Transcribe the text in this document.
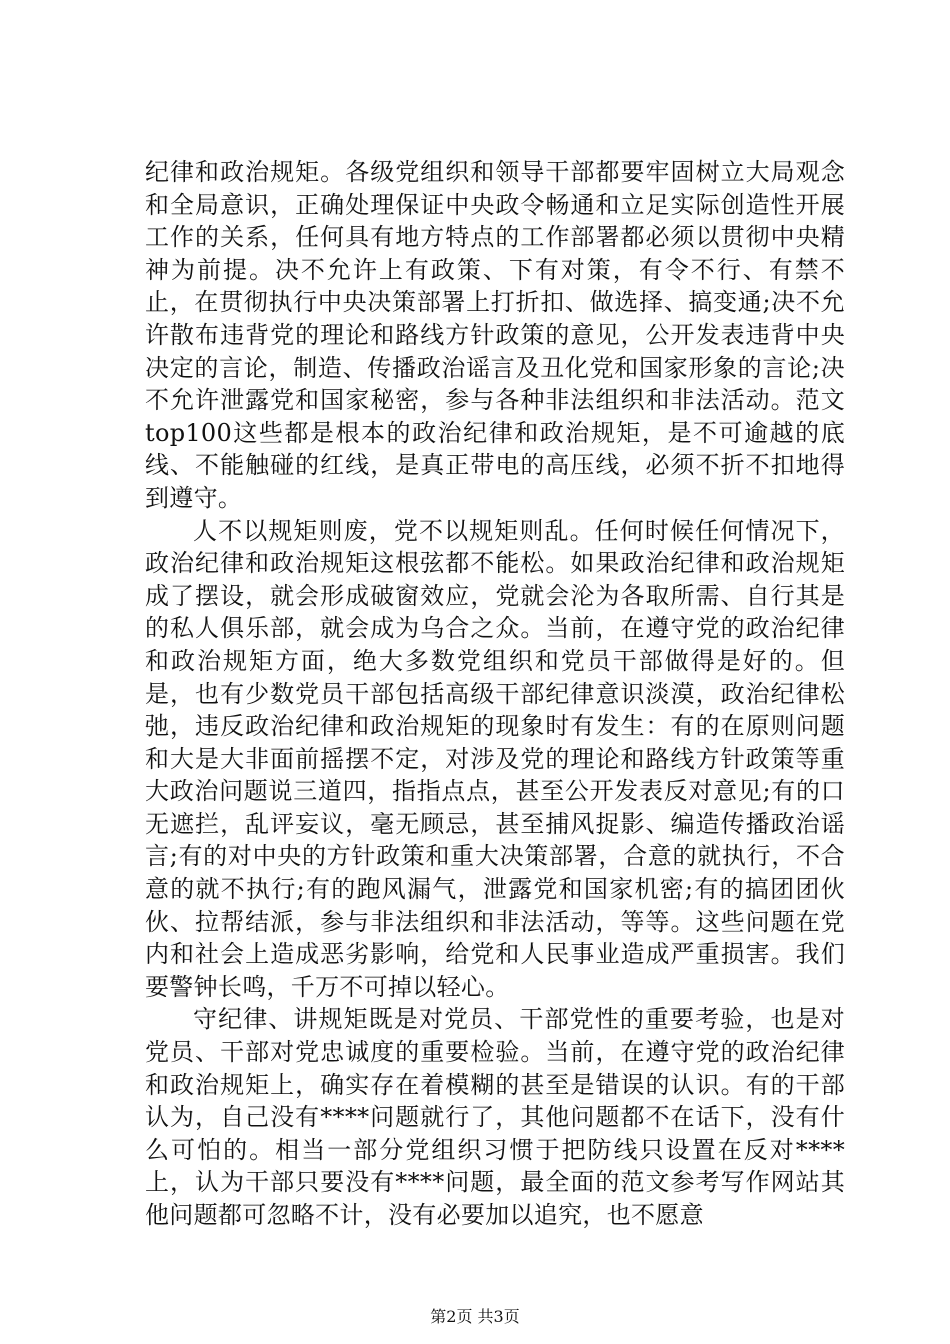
纪律和政治规矩。各级党组织和领导干部都要牢固树立大局观念和全局意识，正确处理保证中央政令畅通和立足实际创造性开展工作的关系，任何具有地方特点的工作部署都必须以贯彻中央精神为前提。决不允许上有政策、下有对策，有令不行、有禁不止，在贯彻执行中央决策部署上打折扣、做选择、搞变通;决不允许散布违背党的理论和路线方针政策的意见，公开发表违背中央决定的言论，制造、传播政治谣言及丑化党和国家形象的言论;决不允许泄露党和国家秘密，参与各种非法组织和非法活动。范文top100这些都是根本的政治纪律和政治规矩，是不可逾越的底线、不能触碰的红线，是真正带电的高压线，必须不折不扣地得到遵守。

人不以规矩则废，党不以规矩则乱。任何时候任何情况下，政治纪律和政治规矩这根弦都不能松。如果政治纪律和政治规矩成了摆设，就会形成破窗效应，党就会沦为各取所需、自行其是的私人俱乐部，就会成为乌合之众。当前，在遵守党的政治纪律和政治规矩方面，绝大多数党组织和党员干部做得是好的。但是，也有少数党员干部包括高级干部纪律意识淡漠，政治纪律松弛，违反政治纪律和政治规矩的现象时有发生：有的在原则问题和大是大非面前摇摆不定，对涉及党的理论和路线方针政策等重大政治问题说三道四，指指点点，甚至公开发表反对意见;有的口无遮拦，乱评妄议，毫无顾忌，甚至捕风捉影、编造传播政治谣言;有的对中央的方针政策和重大决策部署，合意的就执行，不合意的就不执行;有的跑风漏气，泄露党和国家机密;有的搞团团伙伙、拉帮结派，参与非法组织和非法活动，等等。这些问题在党内和社会上造成恶劣影响，给党和人民事业造成严重损害。我们要警钟长鸣，千万不可掉以轻心。

守纪律、讲规矩既是对党员、干部党性的重要考验，也是对党员、干部对党忠诚度的重要检验。当前，在遵守党的政治纪律和政治规矩上，确实存在着模糊的甚至是错误的认识。有的干部认为，自己没有****问题就行了，其他问题都不在话下，没有什么可怕的。相当一部分党组织习惯于把防线只设置在反对****上，认为干部只要没有****问题，最全面的范文参考写作网站其他问题都可忽略不计，没有必要加以追究，也不愿意

第2页 共3页
